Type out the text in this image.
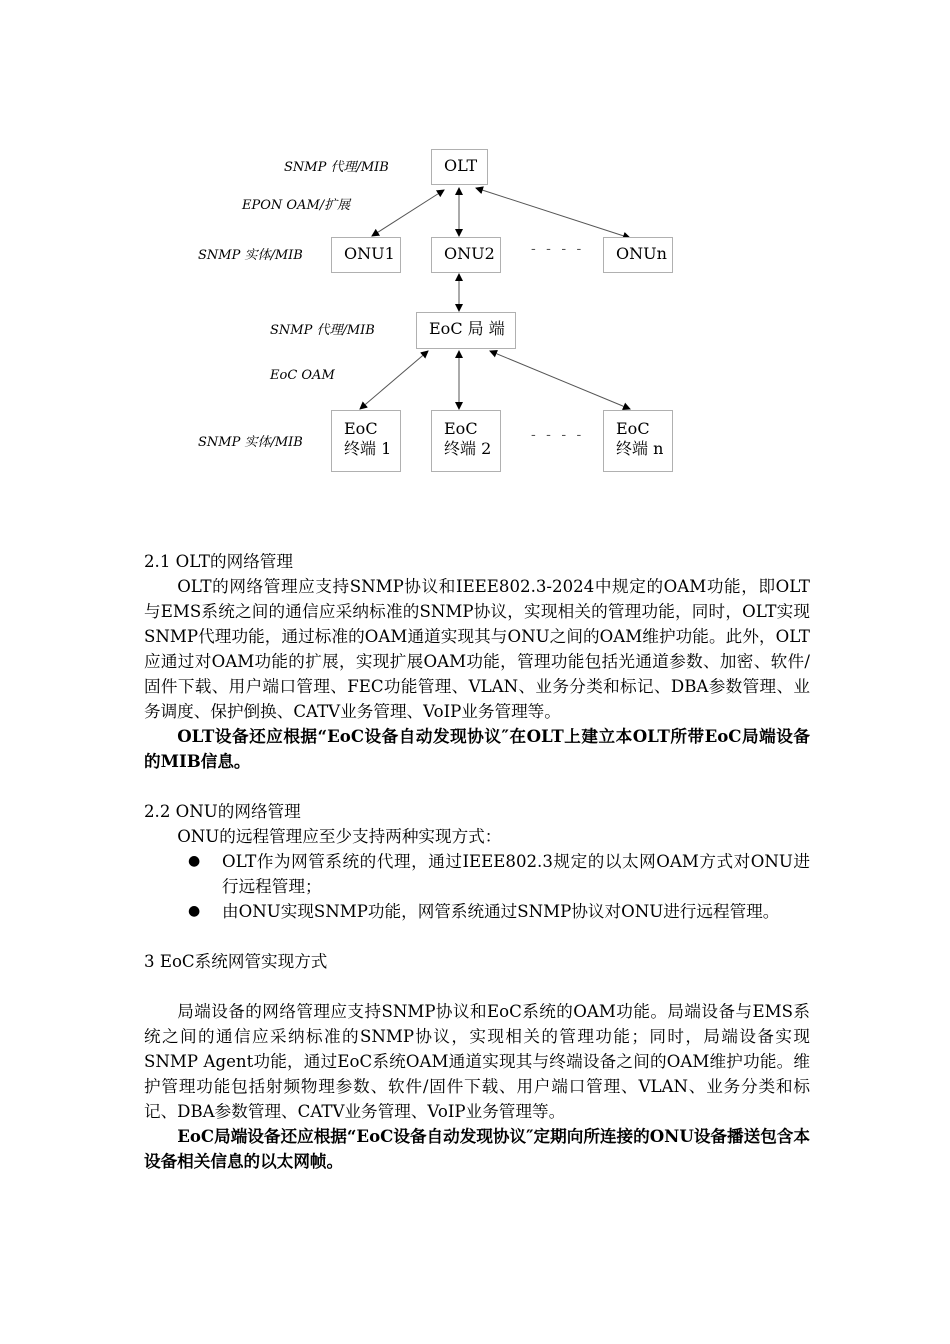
SNMP 代理/MIB
EPON OAM/扩展
SNMP 实体/MIB
SNMP 代理/MIB
EoC OAM
SNMP 实体/MIB
OLT
ONU1	ONU2	- - - -	ONUn
EoC 局 端
EoC
终端 1
EoC
终端 2
- - - - EoC
终端 n

2.1 OLT的网络管理

OLT的网络管理应支持SNMP协议和IEEE802.3-2024中规定的OAM功能，即OLT与EMS系统之间的通信应采纳标准的SNMP协议，实现相关的管理功能，同时，OLT实现SNMP代理功能，通过标准的OAM通道实现其与ONU之间的OAM维护功能。此外，OLT应通过对OAM功能的扩展，实现扩展OAM功能，管理功能包括光通道参数、加密、软件/固件下载、用户端口管理、FEC功能管理、VLAN、业务分类和标记、DBA参数管理、业务调度、保护倒换、CATV业务管理、VoIP业务管理等。

OLT设备还应根据“EoC设备自动发现协议″在OLT上建立本OLT所带EoC局端设备的MIB信息。

2.2 ONU的网络管理

ONU的远程管理应至少支持两种实现方式：

● OLT作为网管系统的代理，通过IEEE802.3规定的以太网OAM方式对ONU进行远程管理；
● 由ONU实现SNMP功能，网管系统通过SNMP协议对ONU进行远程管理。

3 EoC系统网管实现方式

局端设备的网络管理应支持SNMP协议和EoC系统的OAM功能。局端设备与EMS系统之间的通信应采纳标准的SNMP协议，实现相关的管理功能；同时，局端设备实现SNMP Agent功能，通过EoC系统OAM通道实现其与终端设备之间的OAM维护功能。维护管理功能包括射频物理参数、软件/固件下载、用户端口管理、VLAN、业务分类和标记、DBA参数管理、CATV业务管理、VoIP业务管理等。

EoC局端设备还应根据“EoC设备自动发现协议″定期向所连接的ONU设备播送包含本设备相关信息的以太网帧。
